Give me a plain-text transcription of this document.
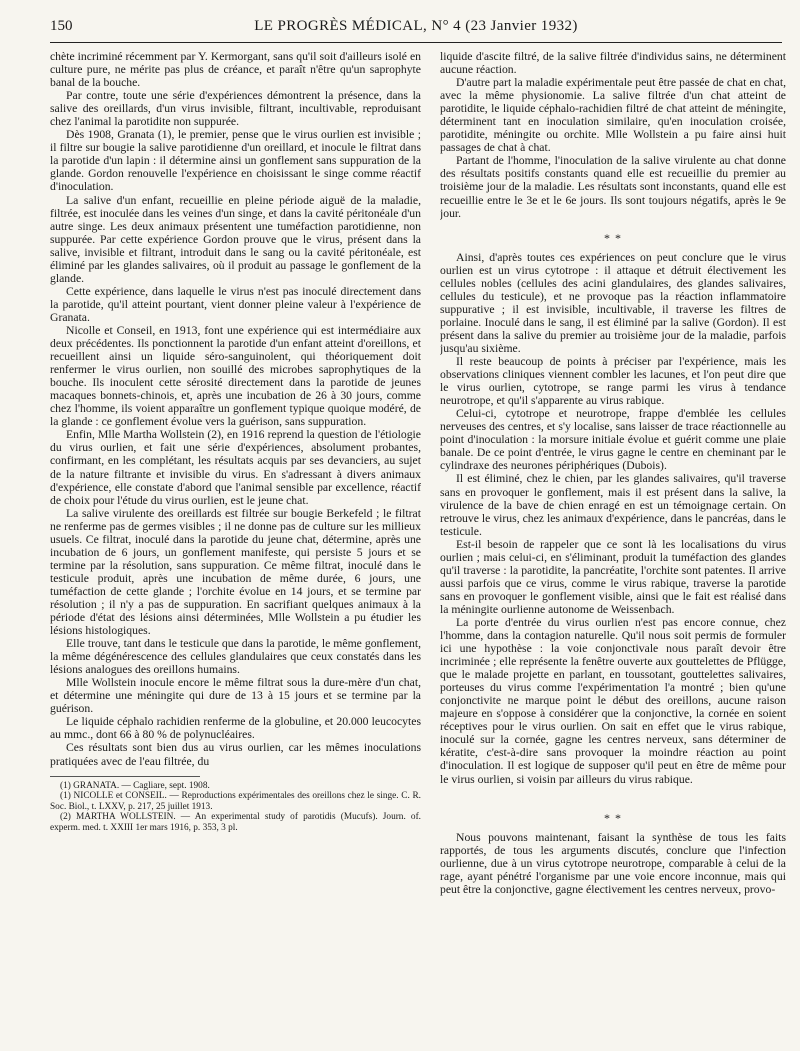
150	LE PROGRÈS MÉDICAL, N° 4 (23 Janvier 1932)

chète incriminé récemment par Y. Kermorgant, sans qu'il soit d'ailleurs isolé en culture pure, ne mérite pas plus de créance, et paraît n'être qu'un saprophyte banal de la bouche.

Par contre, toute une série d'expériences démontrent la présence, dans la salive des oreillards, d'un virus invisible, filtrant, incultivable, reproduisant chez l'animal la parotidite non suppurée.

Dès 1908, Granata (1), le premier, pense que le virus ourlien est invisible ; il filtre sur bougie la salive parotidienne d'un oreillard, et inocule le filtrat dans la parotide d'un lapin : il détermine ainsi un gonflement sans suppuration de la glande. Gordon renouvelle l'expérience en choisissant le singe comme réactif d'inoculation.

La salive d'un enfant, recueillie en pleine période aiguë de la maladie, filtrée, est inoculée dans les veines d'un singe, et dans la cavité péritonéale d'un autre singe. Les deux animaux présentent une tuméfaction parotidienne, non suppurée. Par cette expérience Gordon prouve que le virus, présent dans la salive, invisible et filtrant, introduit dans le sang ou la cavité péritonéale, est éliminé par les glandes salivaires, où il produit au passage le gonflement de la glande.

Cette expérience, dans laquelle le virus n'est pas inoculé directement dans la parotide, qu'il atteint pourtant, vient donner pleine valeur à l'expérience de Granata.

Nicolle et Conseil, en 1913, font une expérience qui est intermédiaire aux deux précédentes. Ils ponctionnent la parotide d'un enfant atteint d'oreillons, et recueillent ainsi un liquide séro-sanguinolent, qui théoriquement doit renfermer le virus ourlien, non souillé des microbes saprophytiques de la bouche. Ils inoculent cette sérosité directement dans la parotide de jeunes macaques bonnets-chinois, et, après une incubation de 26 à 30 jours, comme chez l'homme, ils voient apparaître un gonflement typique quoique modéré, de la glande : ce gonflement évolue vers la guérison, sans suppuration.

Enfin, Mlle Martha Wollstein (2), en 1916 reprend la question de l'étiologie du virus ourlien, et fait une série d'expériences, absolument probantes, confirmant, en les complétant, les résultats acquis par ses devanciers, au sujet de la nature filtrante et invisible du virus. En s'adressant à divers animaux d'expérience, elle constate d'abord que l'animal sensible par excellence, réactif de choix pour l'étude du virus ourlien, est le jeune chat.

La salive virulente des oreillards est filtrée sur bougie Berkefeld ; le filtrat ne renferme pas de germes visibles ; il ne donne pas de culture sur les millieux usuels. Ce filtrat, inoculé dans la parotide du jeune chat, détermine, après une incubation de 6 jours, un gonflement manifeste, qui persiste 5 jours et se termine par la résolution, sans suppuration. Ce même filtrat, inoculé dans le testicule produit, après une incubation de même durée, 6 jours, une tuméfaction de cette glande ; l'orchite évolue en 14 jours, et se termine par résolution ; il n'y a pas de suppuration. En sacrifiant quelques animaux à la période d'état des lésions ainsi déterminées, Mlle Wollstein a pu étudier les lésions histologiques.

Elle trouve, tant dans le testicule que dans la parotide, le même gonflement, la même dégénérescence des cellules glandulaires que ceux constatés dans les lésions analogues des oreillons humains.

Mlle Wollstein inocule encore le même filtrat sous la dure-mère d'un chat, et détermine une méningite qui dure de 13 à 15 jours et se termine par la guérison.

Le liquide céphalo rachidien renferme de la globuline, et 20.000 leucocytes au mmc., dont 66 à 80 % de polynucléaires.

Ces résultats sont bien dus au virus ourlien, car les mêmes inoculations pratiquées avec de l'eau filtrée, du

(1) GRANATA. — Cagliare, sept. 1908.

(1) NICOLLE et CONSEIL. — Reproductions expérimentales des oreillons chez le singe. C. R. Soc. Biol., t. LXXV, p. 217, 25 juillet 1913.

(2) MARTHA WOLLSTEIN. — An experimental study of parotidis (Mucufs). Journ. of. experm. med. t. XXIII 1er mars 1916, p. 353, 3 pl.

liquide d'ascite filtré, de la salive filtrée d'individus sains, ne déterminent aucune réaction.

D'autre part la maladie expérimentale peut être passée de chat en chat, avec la même physionomie. La salive filtrée d'un chat atteint de parotidite, le liquide céphalo-rachidien filtré de chat atteint de méningite, déterminent tant en inoculation similaire, qu'en inoculation croisée, parotidite, méningite ou orchite. Mlle Wollstein a pu faire ainsi huit passages de chat à chat.

Partant de l'homme, l'inoculation de la salive virulente au chat donne des résultats positifs constants quand elle est recueillie du premier au troisième jour de la maladie. Les résultats sont inconstants, quand elle est recueillie entre le 3e et le 6e jours. Ils sont toujours négatifs, après le 9e jour.

* *

Ainsi, d'après toutes ces expériences on peut conclure que le virus ourlien est un virus cytotrope : il attaque et détruit électivement les cellules nobles (cellules des acini glandulaires, des glandes salivaires, cellules du testicule), et ne provoque pas la réaction inflammatoire suppurative ; il est invisible, incultivable, il traverse les filtres de porlaine. Inoculé dans le sang, il est éliminé par la salive (Gordon). Il est présent dans la salive du premier au troisième jour de la maladie, parfois jusqu'au sixième.

Il reste beaucoup de points à préciser par l'expérience, mais les observations cliniques viennent combler les lacunes, et l'on peut dire que le virus ourlien, cytotrope, se range parmi les virus à tendance neurotrope, et qu'il s'apparente au virus rabique.

Celui-ci, cytotrope et neurotrope, frappe d'emblée les cellules nerveuses des centres, et s'y localise, sans laisser de trace réactionnelle au point d'inoculation : la morsure initiale évolue et guérit comme une plaie banale. De ce point d'entrée, le virus gagne le centre en cheminant par le cylindraxe des neurones périphériques (Dubois).

Il est éliminé, chez le chien, par les glandes salivaires, qu'il traverse sans en provoquer le gonflement, mais il est présent dans la salive, la virulence de la bave de chien enragé en est un témoignage certain. On retrouve le virus, chez les animaux d'expérience, dans le pancréas, dans le testicule.

Est-il besoin de rappeler que ce sont là les localisations du virus ourlien ; mais celui-ci, en s'éliminant, produit la tuméfaction des glandes qu'il traverse : la parotidite, la pancréatite, l'orchite sont patentes. Il arrive aussi parfois que ce virus, comme le virus rabique, traverse la parotide sans en provoquer le gonflement visible, ainsi que le fait est réalisé dans la méningite ourlienne autonome de Weissenbach.

La porte d'entrée du virus ourlien n'est pas encore connue, chez l'homme, dans la contagion naturelle. Qu'il nous soit permis de formuler ici une hypothèse : la voie conjonctivale nous paraît devoir être incriminée ; elle représente la fenêtre ouverte aux gouttelettes de Pflügge, que le malade projette en parlant, en toussotant, gouttelettes salivaires, porteuses du virus comme l'expérimentation l'a montré ; bien qu'une conjonctivite ne marque point le début des oreillons, aucune raison majeure en s'oppose à considérer que la conjonctive, la cornée en soient réceptives pour le virus ourlien. On sait en effet que le virus rabique, inoculé sur la cornée, gagne les centres nerveux, sans déterminer de kératite, c'est-à-dire sans provoquer la moindre réaction au point d'inoculation. Il est logique de supposer qu'il peut en être de même pour le virus ourlien, si voisin par ailleurs du virus rabique.

* *

Nous pouvons maintenant, faisant la synthèse de tous les faits rapportés, de tous les arguments discutés, conclure que l'infection ourlienne, due à un virus cytotrope neurotrope, comparable à celui de la rage, ayant pénétré l'organisme par une voie encore inconnue, mais qui peut être la conjonctive, gagne électivement les centres nerveux, provo-
